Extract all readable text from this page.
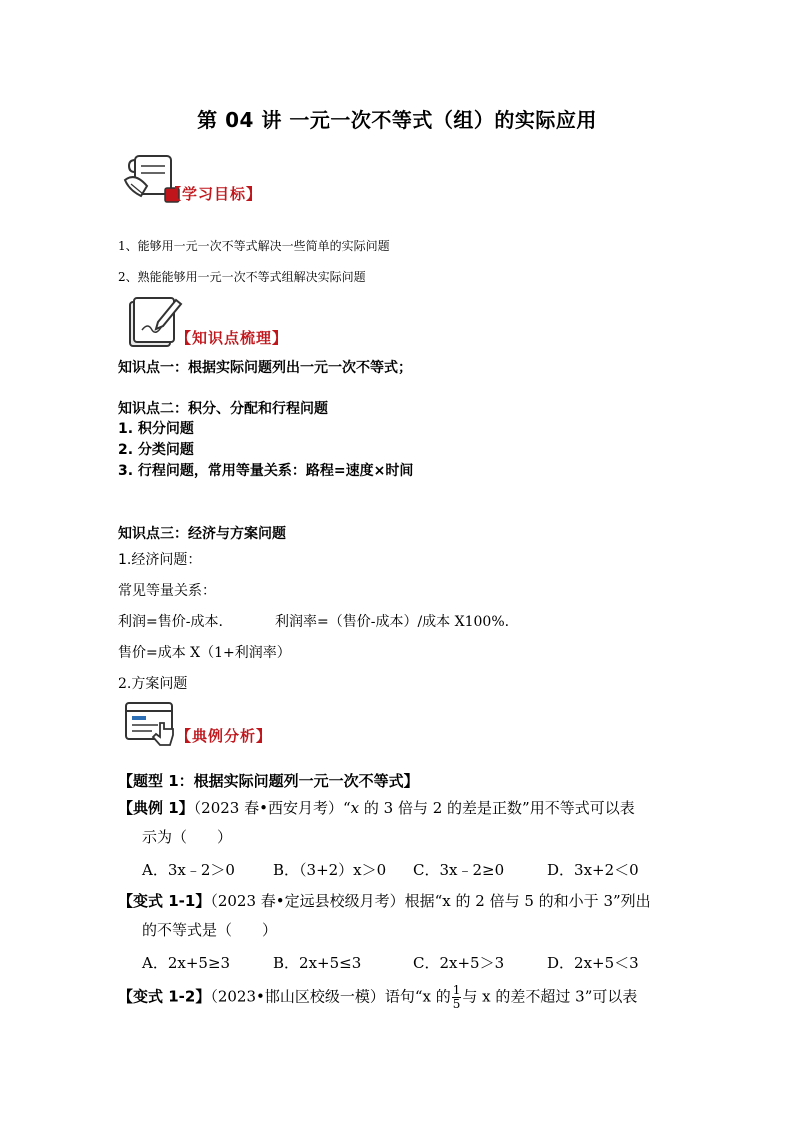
第 04 讲 一元一次不等式（组）的实际应用
【学习目标】
1、能够用一元一次不等式解决一些简单的实际问题
2、熟能能够用一元一次不等式组解决实际问题
【知识点梳理】
知识点一：根据实际问题列出一元一次不等式；
知识点二：积分、分配和行程问题
1. 积分问题
2. 分类问题
3. 行程问题，常用等量关系：路程=速度×时间
知识点三：经济与方案问题
1.经济问题：
常见等量关系：
利润=售价-成本.	利润率=（售价-成本）/成本 X100%.
售价=成本 X（1+利润率）
2.方案问题
【典例分析】
【题型 1：根据实际问题列一元一次不等式】
【典例 1】（2023 春•西安月考）“x 的 3 倍与 2 的差是正数”用不等式可以表
示为（　　）
A．3x﹣2＞0	B．（3+2）x＞0 C．3x﹣2≥0	D．3x+2＜0
【变式 1-1】（2023 春•定远县校级月考）根据“x 的 2 倍与 5 的和小于 3”列出
的不等式是（　　）
A．2x+5≥3	B．2x+5≤3	C．2x+5＞3	D．2x+5＜3
【变式 1-2】（2023•邯山区校级一模）语句“x 的 $\frac{1}{5}$ 与 x 的差不超过 3”可以表
